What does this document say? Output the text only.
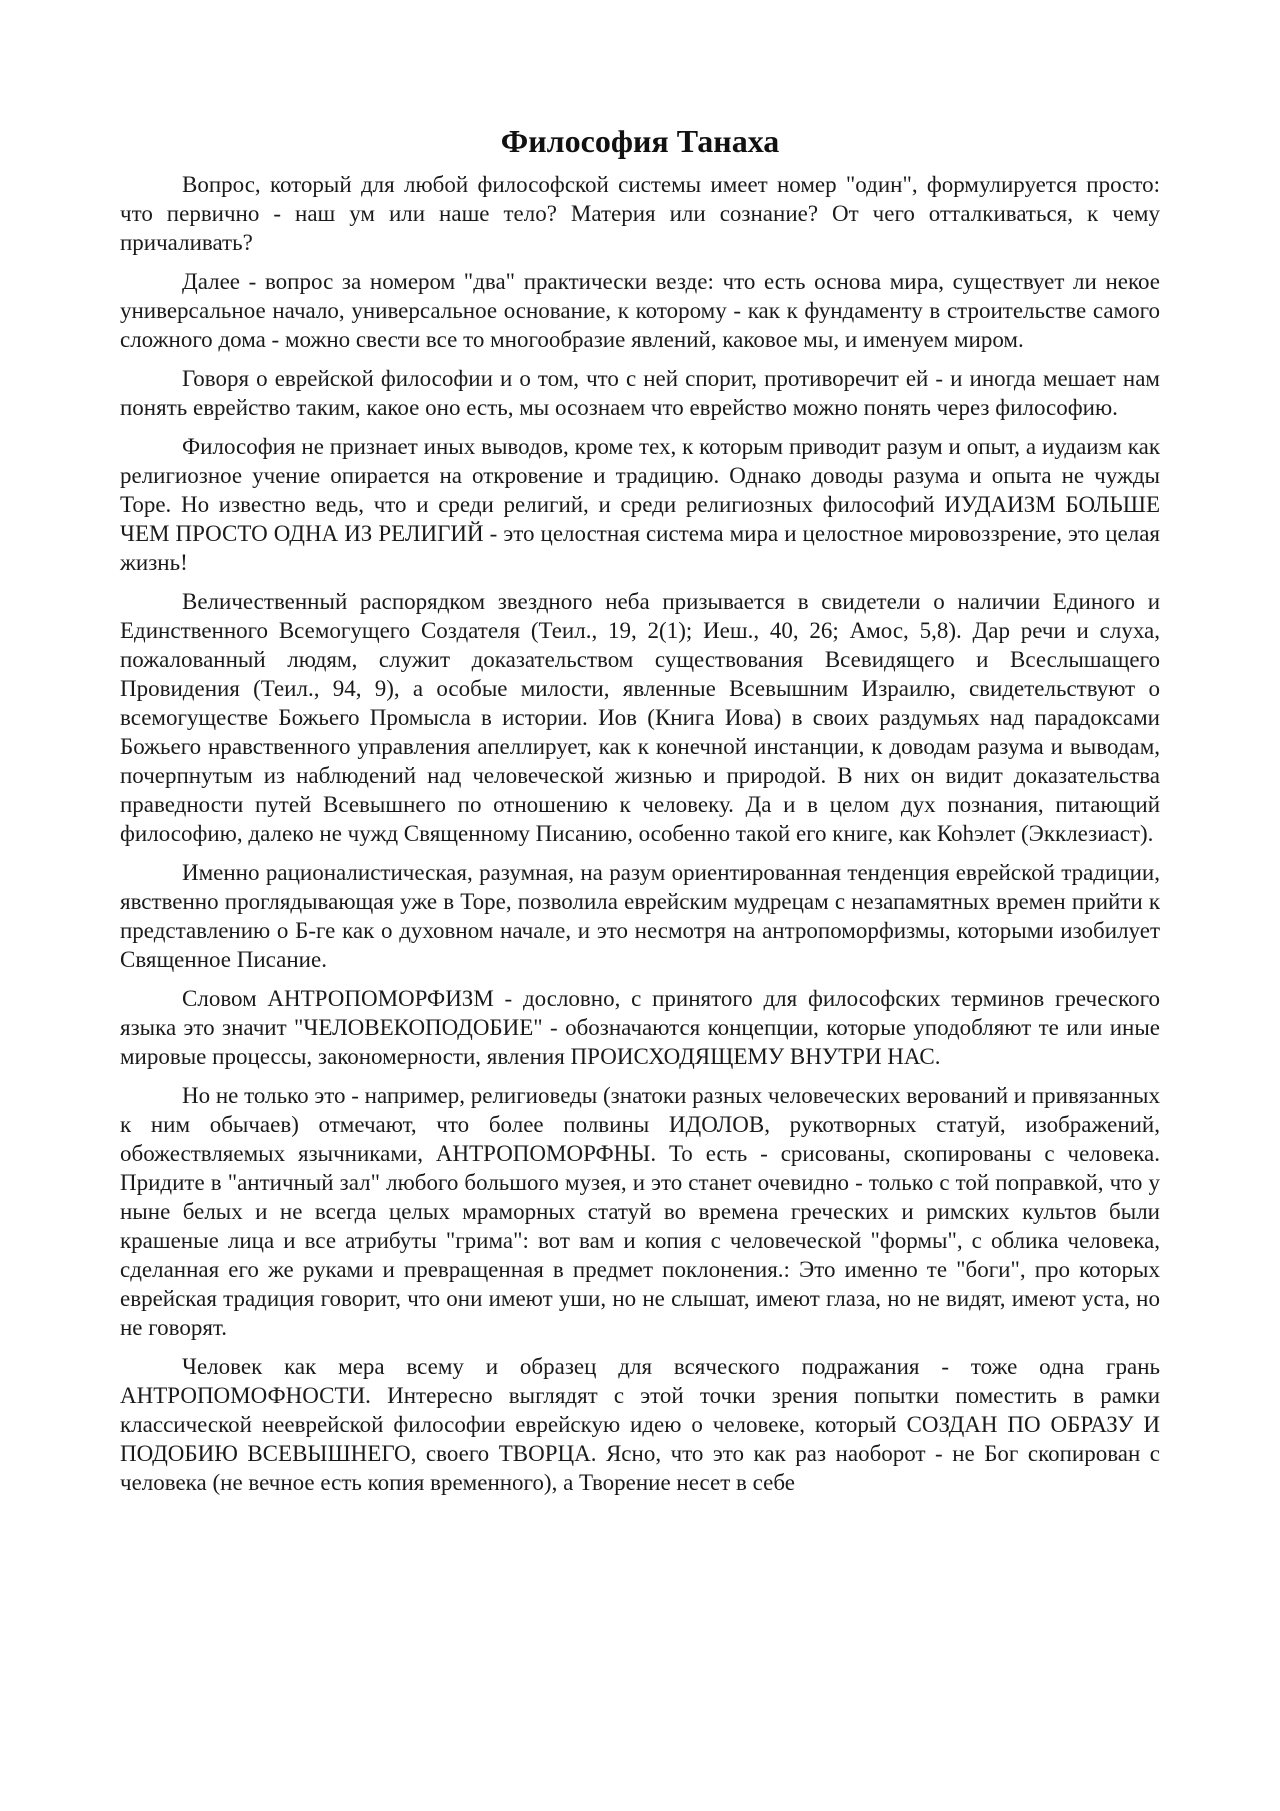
Философия Танаха

Вопрос, который для любой философской системы имеет номер "один", формулируется просто: что первично - наш ум или наше тело? Материя или сознание? От чего отталкиваться, к чему причаливать?

Далее - вопрос за номером "два" практически везде: что есть основа мира, существует ли некое универсальное начало, универсальное основание, к которому - как к фундаменту в строительстве самого сложного дома - можно свести все то многообразие явлений, каковое мы, и именуем миром.

Говоря о еврейской философии и о том, что с ней спорит, противоречит ей - и иногда мешает нам понять еврейство таким, какое оно есть, мы осознаем что еврейство можно понять через философию.

Философия не признает иных выводов, кроме тех, к которым приводит разум и опыт, а иудаизм как религиозное учение опирается на откровение и традицию. Однако доводы разума и опыта не чужды Торе. Но известно ведь, что и среди религий, и среди религиозных философий ИУДАИЗМ БОЛЬШЕ ЧЕМ ПРОСТО ОДНА ИЗ РЕЛИГИЙ - это целостная система мира и целостное мировоззрение, это целая жизнь!

Величественный распорядком звездного неба призывается в свидетели о наличии Единого и Единственного Всемогущего Создателя (Теил., 19, 2(1); Иеш., 40, 26; Амос, 5,8). Дар речи и слуха, пожалованный людям, служит доказательством существования Всевидящего и Всеслышащего Провидения (Теил., 94, 9), а особые милости, явленные Всевышним Израилю, свидетельствуют о всемогуществе Божьего Промысла в истории. Иов (Книга Иова) в своих раздумьях над парадоксами Божьего нравственного управления апеллирует, как к конечной инстанции, к доводам разума и выводам, почерпнутым из наблюдений над человеческой жизнью и природой. В них он видит доказательства праведности путей Всевышнего по отношению к человеку. Да и в целом дух познания, питающий философию, далеко не чужд Священному Писанию, особенно такой его книге, как Коһэлет (Экклезиаст).

Именно рационалистическая, разумная, на разум ориентированная тенденция еврейской традиции, явственно проглядывающая уже в Торе, позволила еврейским мудрецам с незапамятных времен прийти к представлению о Б-ге как о духовном начале, и это несмотря на антропоморфизмы, которыми изобилует Священное Писание.

Словом АНТРОПОМОРФИЗМ - дословно, с принятого для философских терминов греческого языка это значит "ЧЕЛОВЕКОПОДОБИЕ" - обозначаются концепции, которые уподобляют те или иные мировые процессы, закономерности, явления ПРОИСХОДЯЩЕМУ ВНУТРИ НАС.

Но не только это - например, религиоведы (знатоки разных человеческих верований и привязанных к ним обычаев) отмечают, что более полвины ИДОЛОВ, рукотворных статуй, изображений, обожествляемых язычниками, АНТРОПОМОРФНЫ. То есть - срисованы, скопированы с человека. Придите в "античный зал" любого большого музея, и это станет очевидно - только с той поправкой, что у ныне белых и не всегда целых мраморных статуй во времена греческих и римских культов были крашеные лица и все атрибуты "грима": вот вам и копия с человеческой "формы", с облика человека, сделанная его же руками и превращенная в предмет поклонения.: Это именно те "боги", про которых еврейская традиция говорит, что они имеют уши, но не слышат, имеют глаза, но не видят, имеют уста, но не говорят.

Человек как мера всему и образец для всяческого подражания - тоже одна грань АНТРОПОМОФНОСТИ. Интересно выглядят с этой точки зрения попытки поместить в рамки классической нееврейской философии еврейскую идею о человеке, который СОЗДАН ПО ОБРАЗУ И ПОДОБИЮ ВСЕВЫШНЕГО, своего ТВОРЦА. Ясно, что это как раз наоборот - не Бог скопирован с человека (не вечное есть копия временного), а Творение несет в себе
